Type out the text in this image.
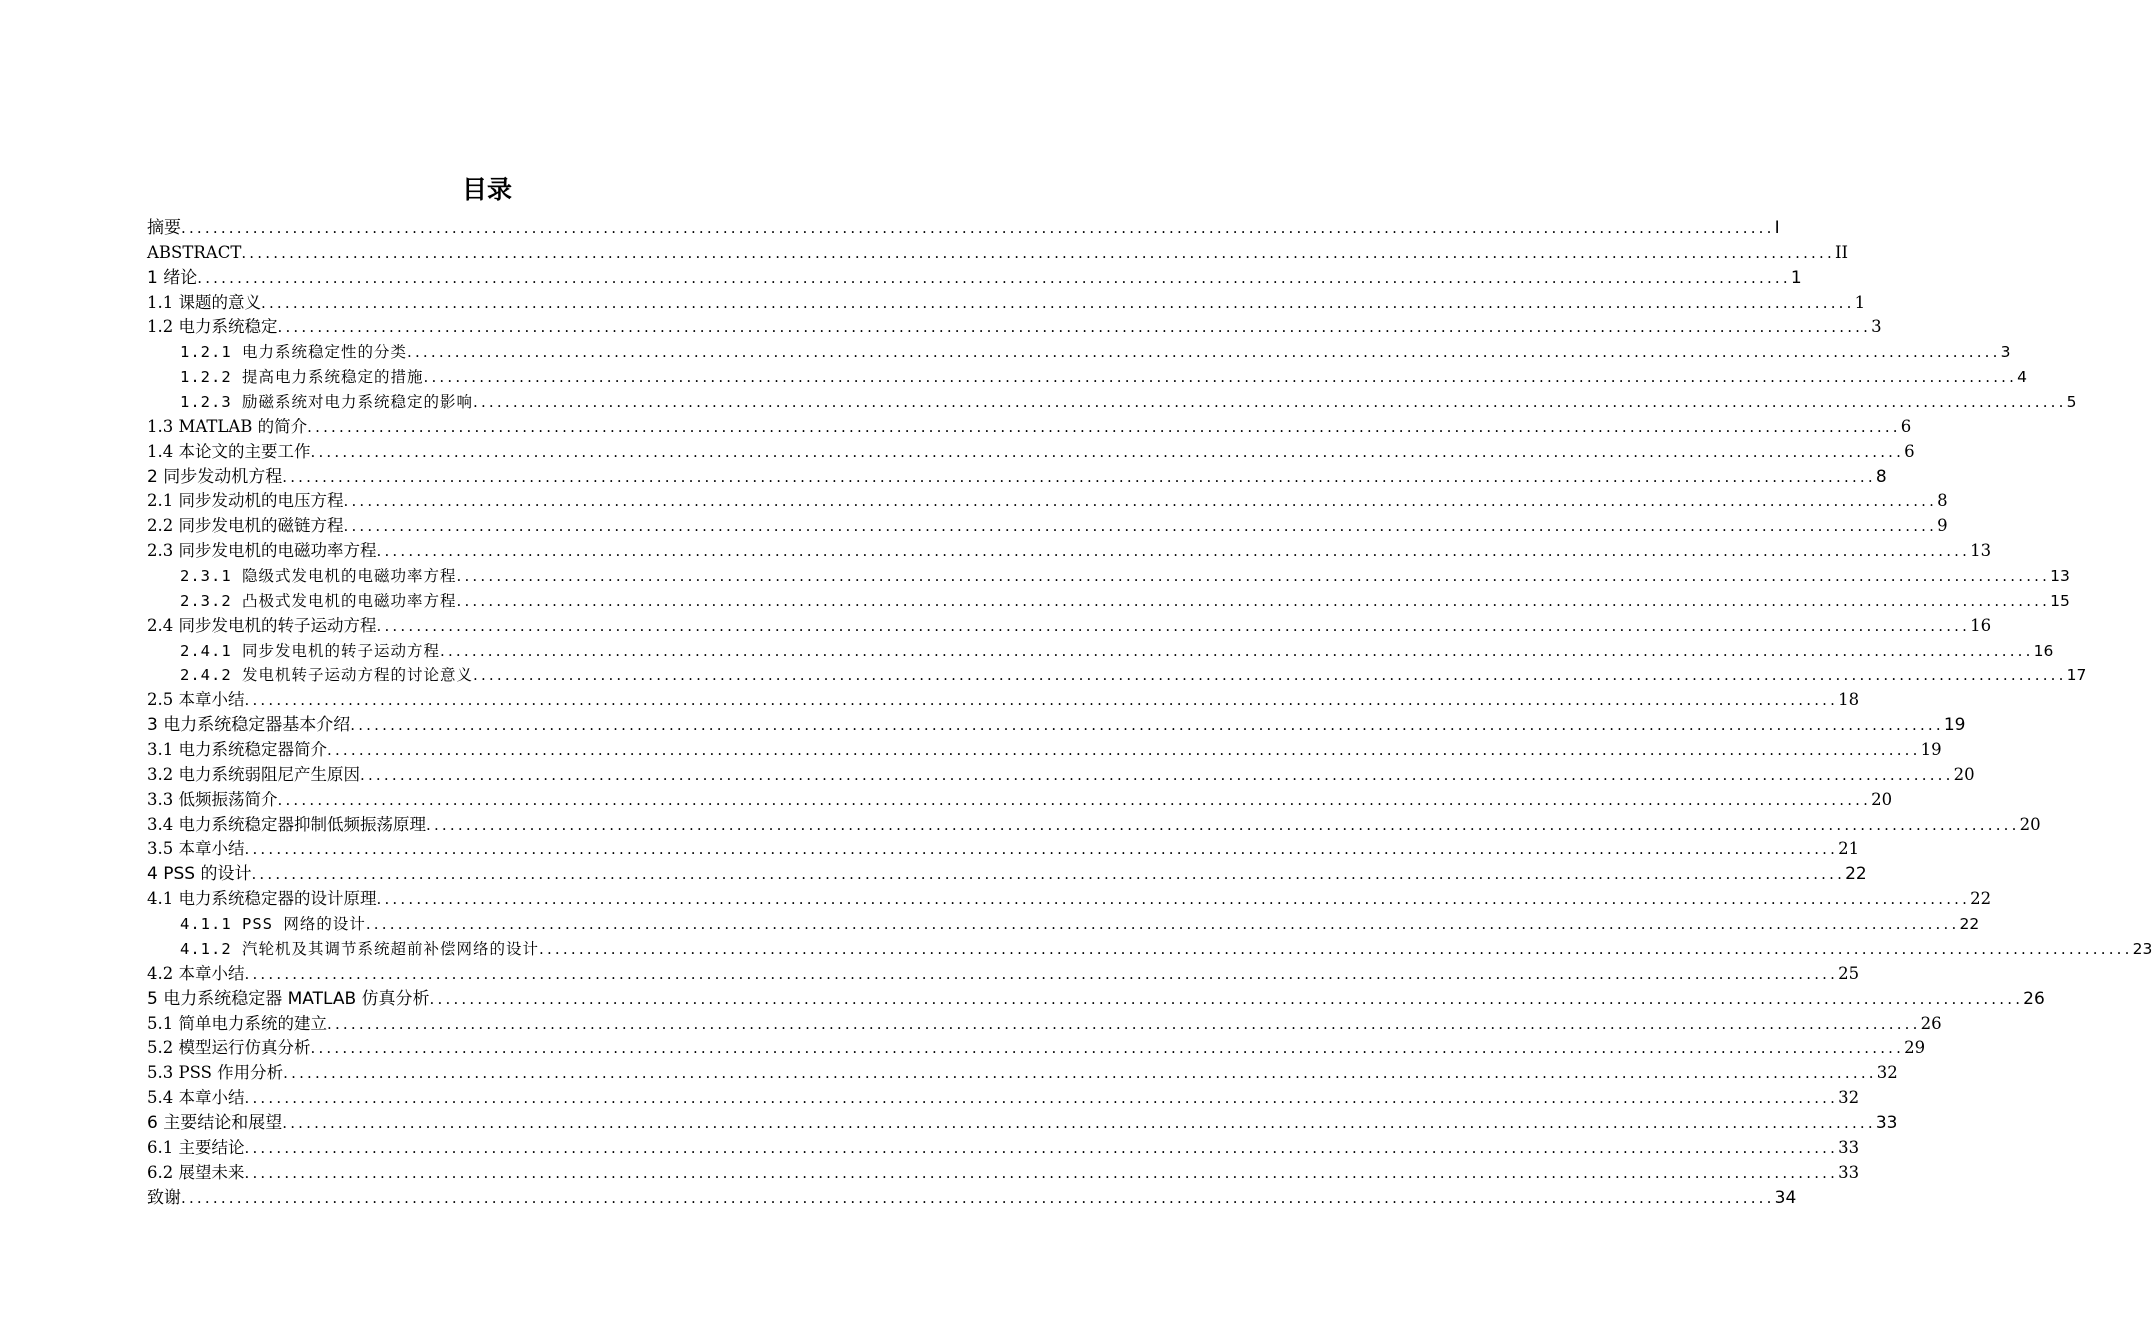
目录
摘要 ........................................................................................................................................................................................................ I
ABSTRACT ........................................................................................................................................................................................................ II
1 绪论 ........................................................................................................................................................................................................ 1
1.1 课题的意义 ........................................................................................................................................................................................................ 1
1.2 电力系统稳定 ........................................................................................................................................................................................................ 3
1.2.1 电力系统稳定性的分类 ........................................................................................................................................................................................................ 3
1.2.2 提高电力系统稳定的措施 ........................................................................................................................................................................................................ 4
1.2.3 励磁系统对电力系统稳定的影响 ........................................................................................................................................................................................................ 5
1.3 MATLAB 的简介 ........................................................................................................................................................................................................ 6
1.4 本论文的主要工作 ........................................................................................................................................................................................................ 6
2 同步发动机方程 ........................................................................................................................................................................................................ 8
2.1 同步发动机的电压方程 ........................................................................................................................................................................................................ 8
2.2 同步发电机的磁链方程 ........................................................................................................................................................................................................ 9
2.3 同步发电机的电磁功率方程 ........................................................................................................................................................................................................ 13
2.3.1 隐级式发电机的电磁功率方程 ........................................................................................................................................................................................................ 13
2.3.2 凸极式发电机的电磁功率方程 ........................................................................................................................................................................................................ 15
2.4 同步发电机的转子运动方程 ........................................................................................................................................................................................................ 16
2.4.1 同步发电机的转子运动方程 ........................................................................................................................................................................................................ 16
2.4.2 发电机转子运动方程的讨论意义 ........................................................................................................................................................................................................ 17
2.5 本章小结 ........................................................................................................................................................................................................ 18
3 电力系统稳定器基本介绍 ........................................................................................................................................................................................................ 19
3.1 电力系统稳定器简介 ........................................................................................................................................................................................................ 19
3.2 电力系统弱阻尼产生原因 ........................................................................................................................................................................................................ 20
3.3 低频振荡简介 ........................................................................................................................................................................................................ 20
3.4 电力系统稳定器抑制低频振荡原理 ........................................................................................................................................................................................................ 20
3.5 本章小结 ........................................................................................................................................................................................................ 21
4 PSS 的设计 ........................................................................................................................................................................................................ 22
4.1 电力系统稳定器的设计原理 ........................................................................................................................................................................................................ 22
4.1.1 PSS 网络的设计 ........................................................................................................................................................................................................ 22
4.1.2 汽轮机及其调节系统超前补偿网络的设计 ........................................................................................................................................................................................................ 23
4.2 本章小结 ........................................................................................................................................................................................................ 25
5 电力系统稳定器 MATLAB 仿真分析 ........................................................................................................................................................................................................ 26
5.1 简单电力系统的建立 ........................................................................................................................................................................................................ 26
5.2 模型运行仿真分析 ........................................................................................................................................................................................................ 29
5.3 PSS 作用分析 ........................................................................................................................................................................................................ 32
5.4 本章小结 ........................................................................................................................................................................................................ 32
6 主要结论和展望 ........................................................................................................................................................................................................ 33
6.1 主要结论 ........................................................................................................................................................................................................ 33
6.2 展望未来 ........................................................................................................................................................................................................ 33
致谢 ........................................................................................................................................................................................................ 34
